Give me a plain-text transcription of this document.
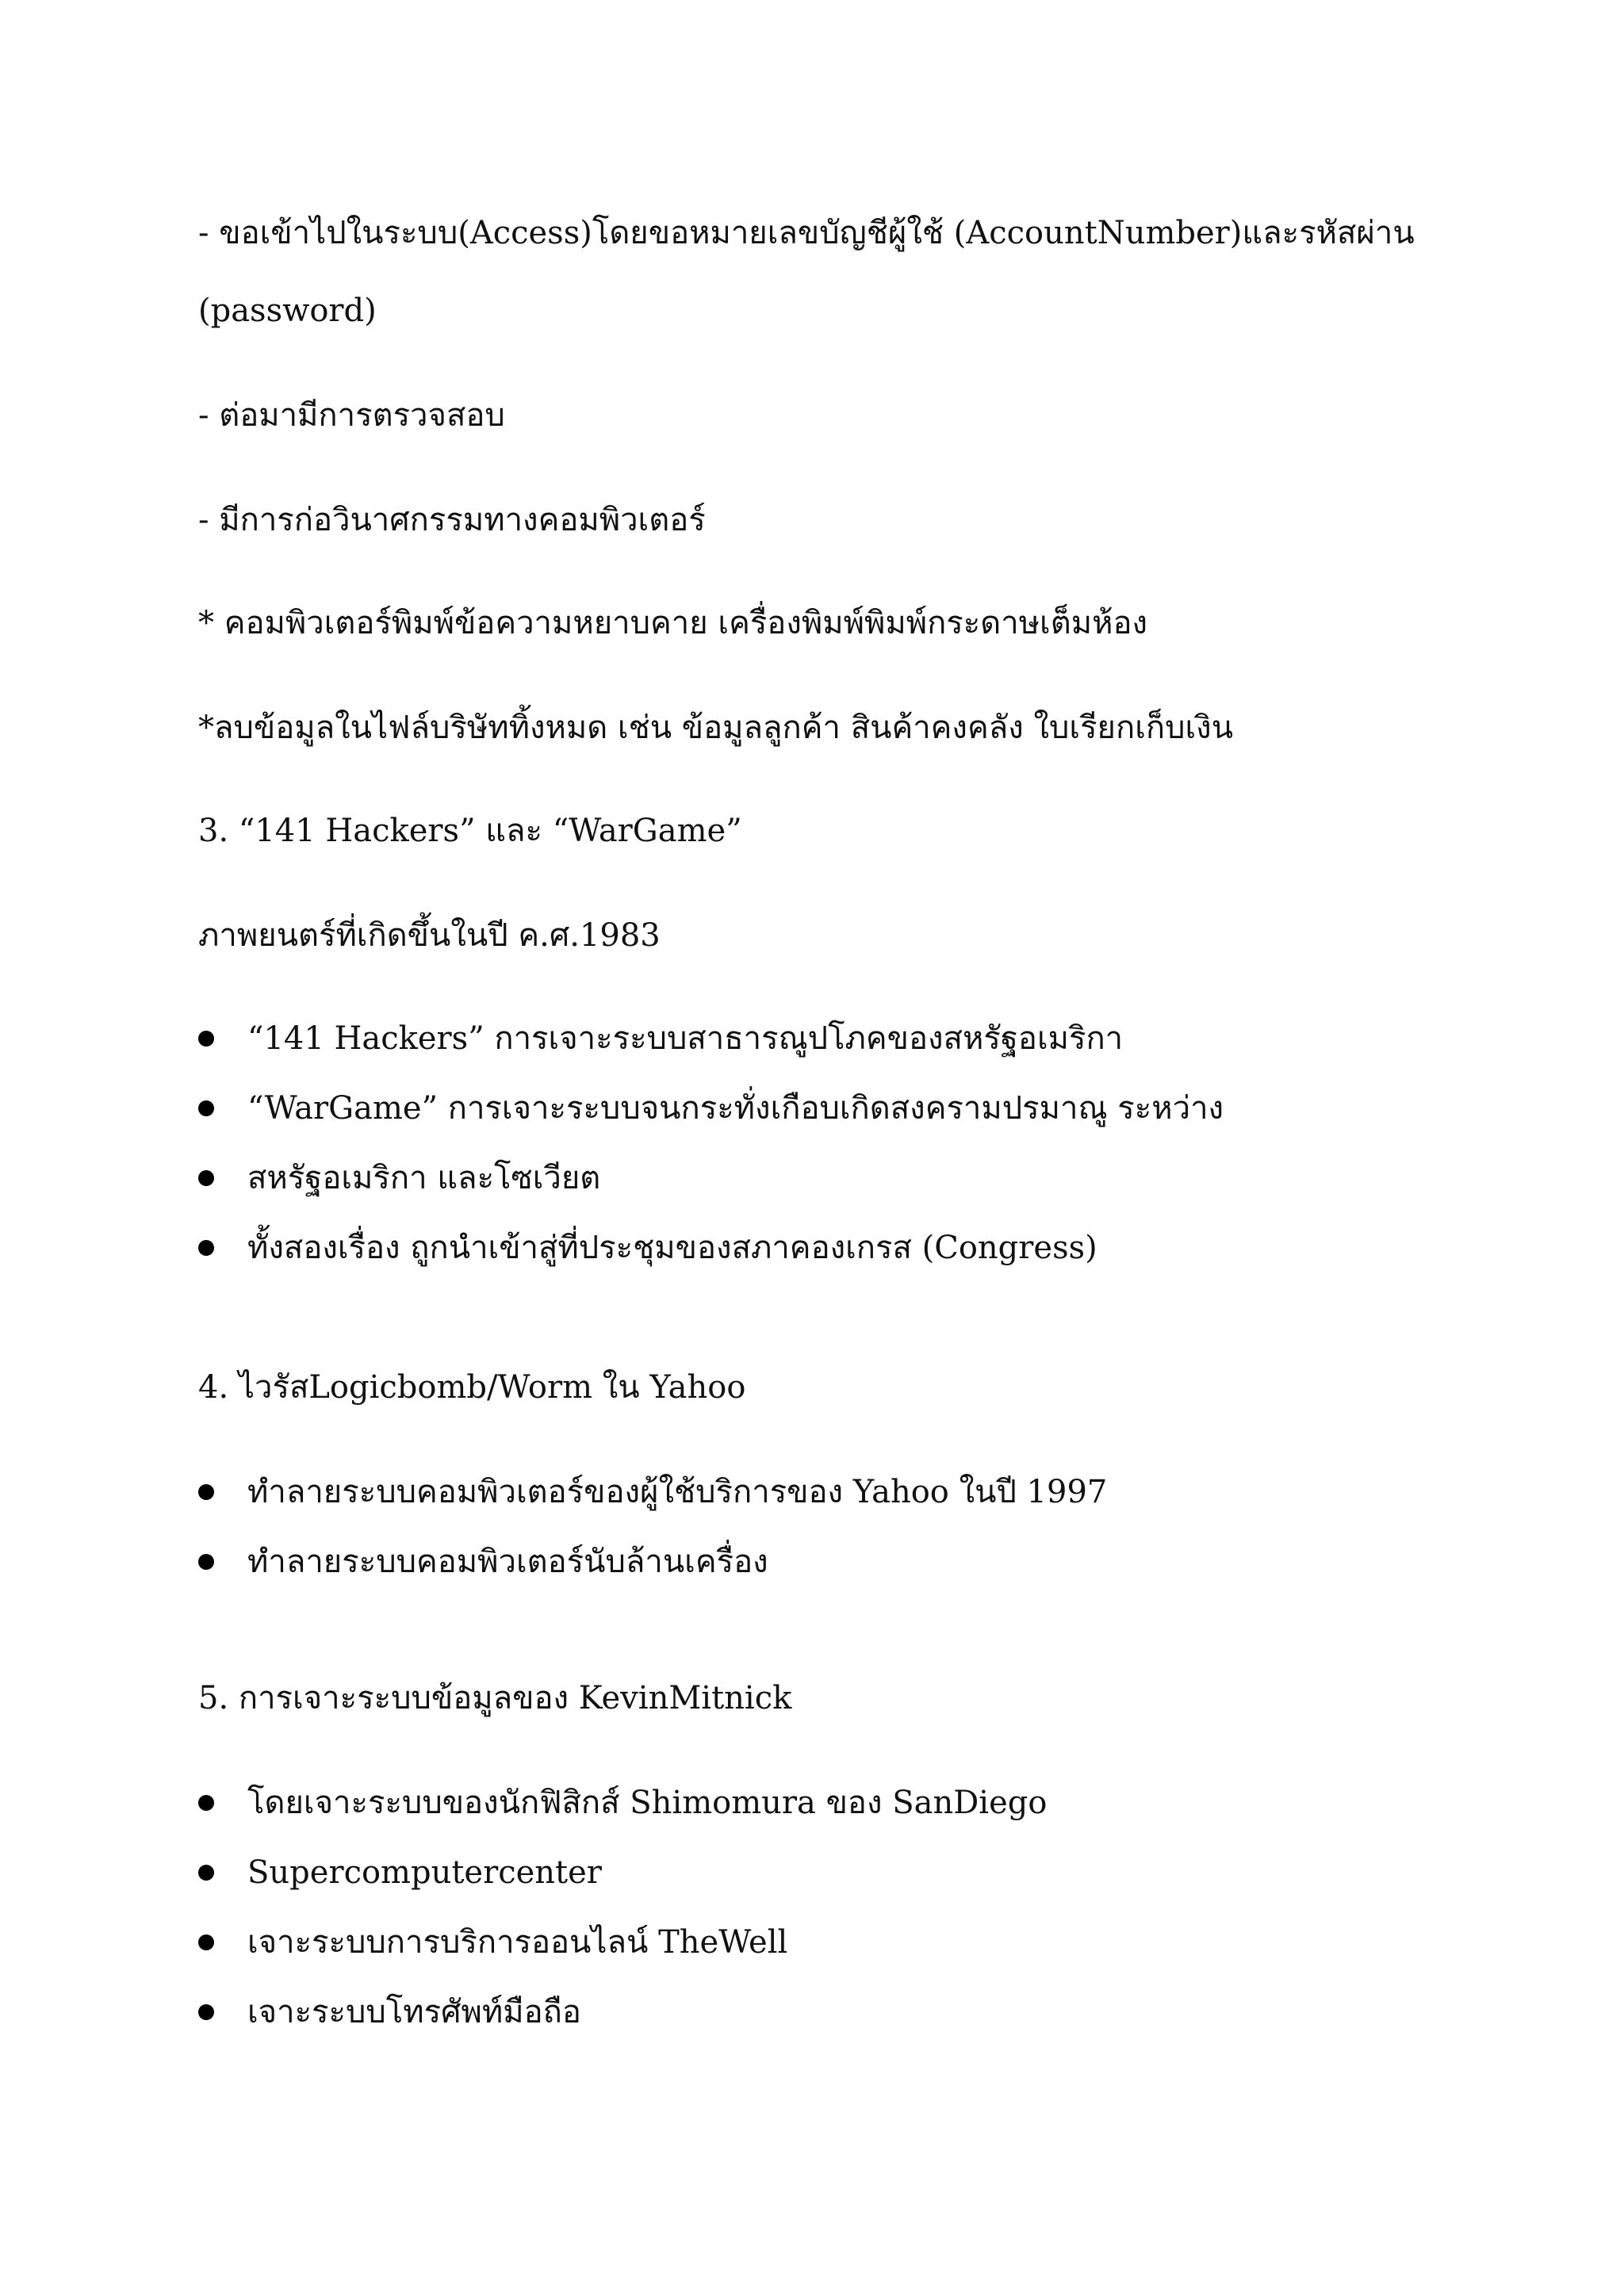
- ขอเข้าไปในระบบ(Access)โดยขอหมายเลขบัญชีผู้ใช้ (AccountNumber)และรหัสผ่าน
(password)
- ต่อมามีการตรวจสอบ
- มีการก่อวินาศกรรมทางคอมพิวเตอร์
* คอมพิวเตอร์พิมพ์ข้อความหยาบคาย เครื่องพิมพ์พิมพ์กระดาษเต็มห้อง
*ลบข้อมูลในไฟล์บริษัททิ้งหมด เช่น ข้อมูลลูกค้า สินค้าคงคลัง ใบเรียกเก็บเงิน
3. “141 Hackers” และ “WarGame”
ภาพยนตร์ที่เกิดขึ้นในปี ค.ศ.1983
“141 Hackers” การเจาะระบบสาธารณูปโภคของสหรัฐอเมริกา
“WarGame” การเจาะระบบจนกระทั่งเกือบเกิดสงครามปรมาณู ระหว่าง
สหรัฐอเมริกา และโซเวียต
ทั้งสองเรื่อง ถูกนำเข้าสู่ที่ประชุมของสภาคองเกรส (Congress)
4. ไวรัสLogicbomb/Worm ใน Yahoo
ทำลายระบบคอมพิวเตอร์ของผู้ใช้บริการของ Yahoo ในปี 1997
ทำลายระบบคอมพิวเตอร์นับล้านเครื่อง
5. การเจาะระบบข้อมูลของ KevinMitnick
โดยเจาะระบบของนักฟิสิกส์ Shimomura ของ SanDiego
Supercomputercenter
เจาะระบบการบริการออนไลน์ TheWell
เจาะระบบโทรศัพท์มือถือ
